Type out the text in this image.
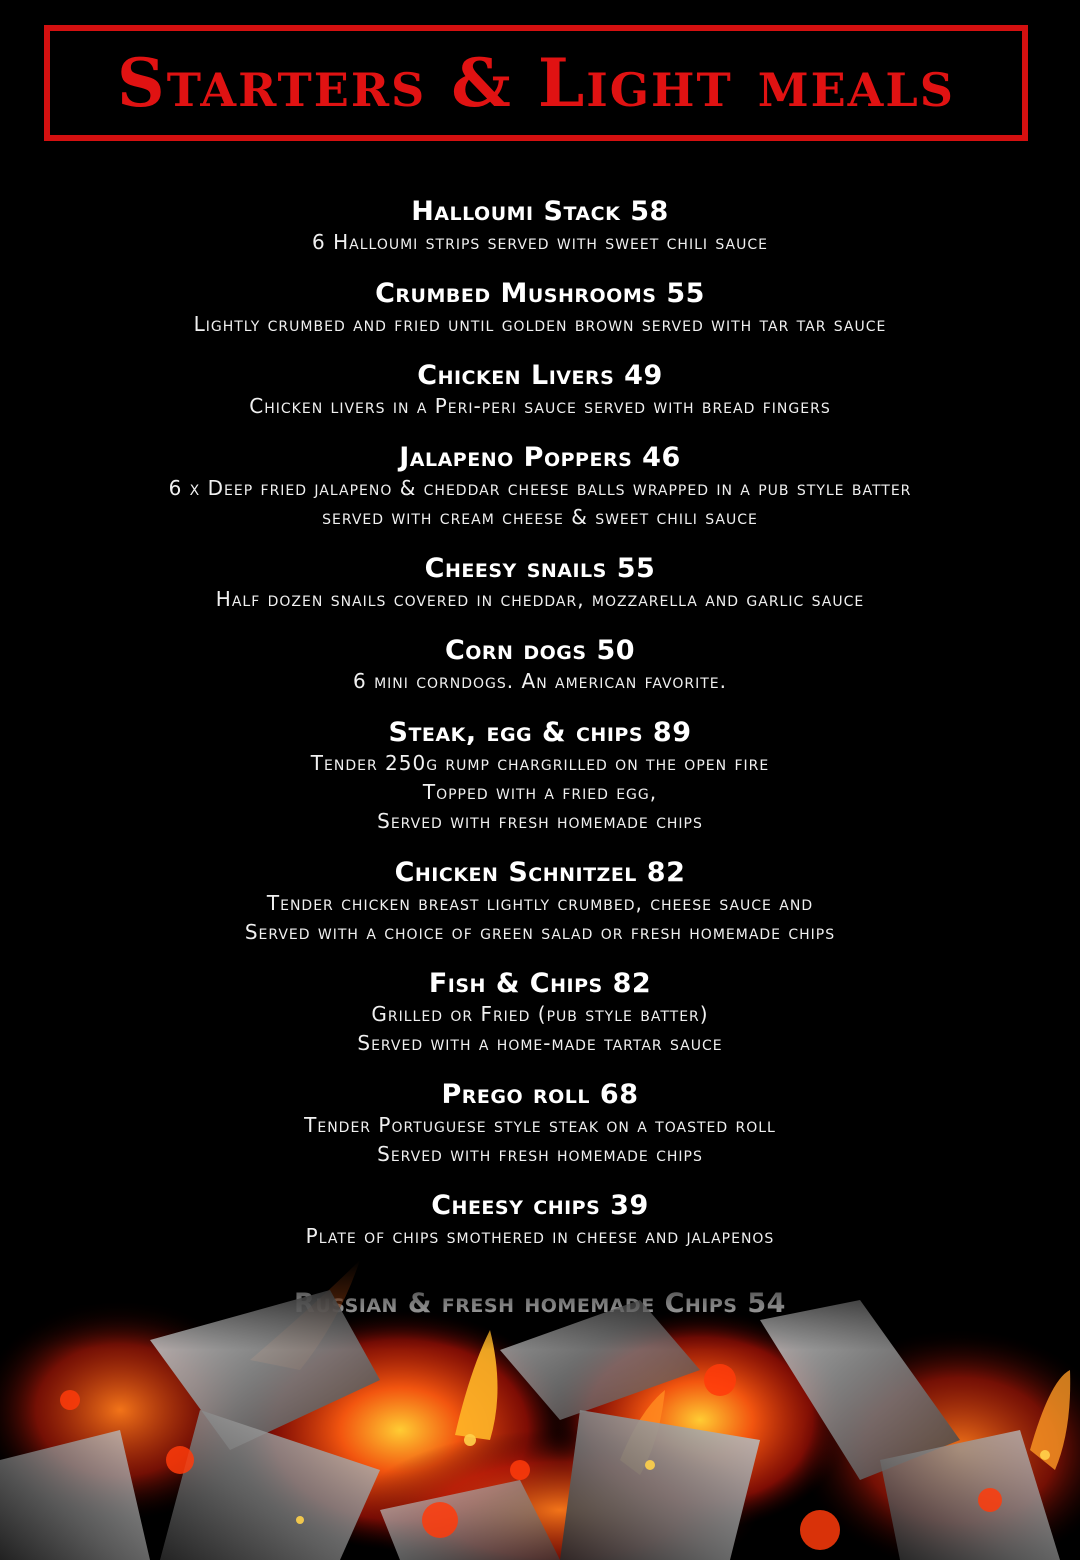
Starters & Light meals
Halloumi Stack 58
6 Halloumi strips served with sweet chili sauce
Crumbed Mushrooms 55
Lightly crumbed and fried until golden brown served with tar tar sauce
Chicken Livers 49
Chicken livers in a Peri-peri sauce served with bread fingers
Jalapeno Poppers 46
6 x Deep fried jalapeno & cheddar cheese balls wrapped in a pub style batter
served with cream cheese & sweet chili sauce
Cheesy snails 55
Half dozen snails covered in cheddar, mozzarella and garlic sauce
Corn dogs 50
6 mini corndogs. An american favorite.
Steak, egg & chips 89
Tender 250g rump chargrilled on the open fire
Topped with a fried egg,
Served with fresh homemade chips
Chicken Schnitzel 82
Tender chicken breast lightly crumbed, cheese sauce and
Served with a choice of green salad or fresh homemade chips
Fish & Chips 82
Grilled or Fried (pub style batter)
Served with a home-made tartar sauce
Prego roll 68
Tender Portuguese style steak on a toasted roll
Served with fresh homemade chips
Cheesy chips 39
Plate of chips smothered in cheese and jalapenos
